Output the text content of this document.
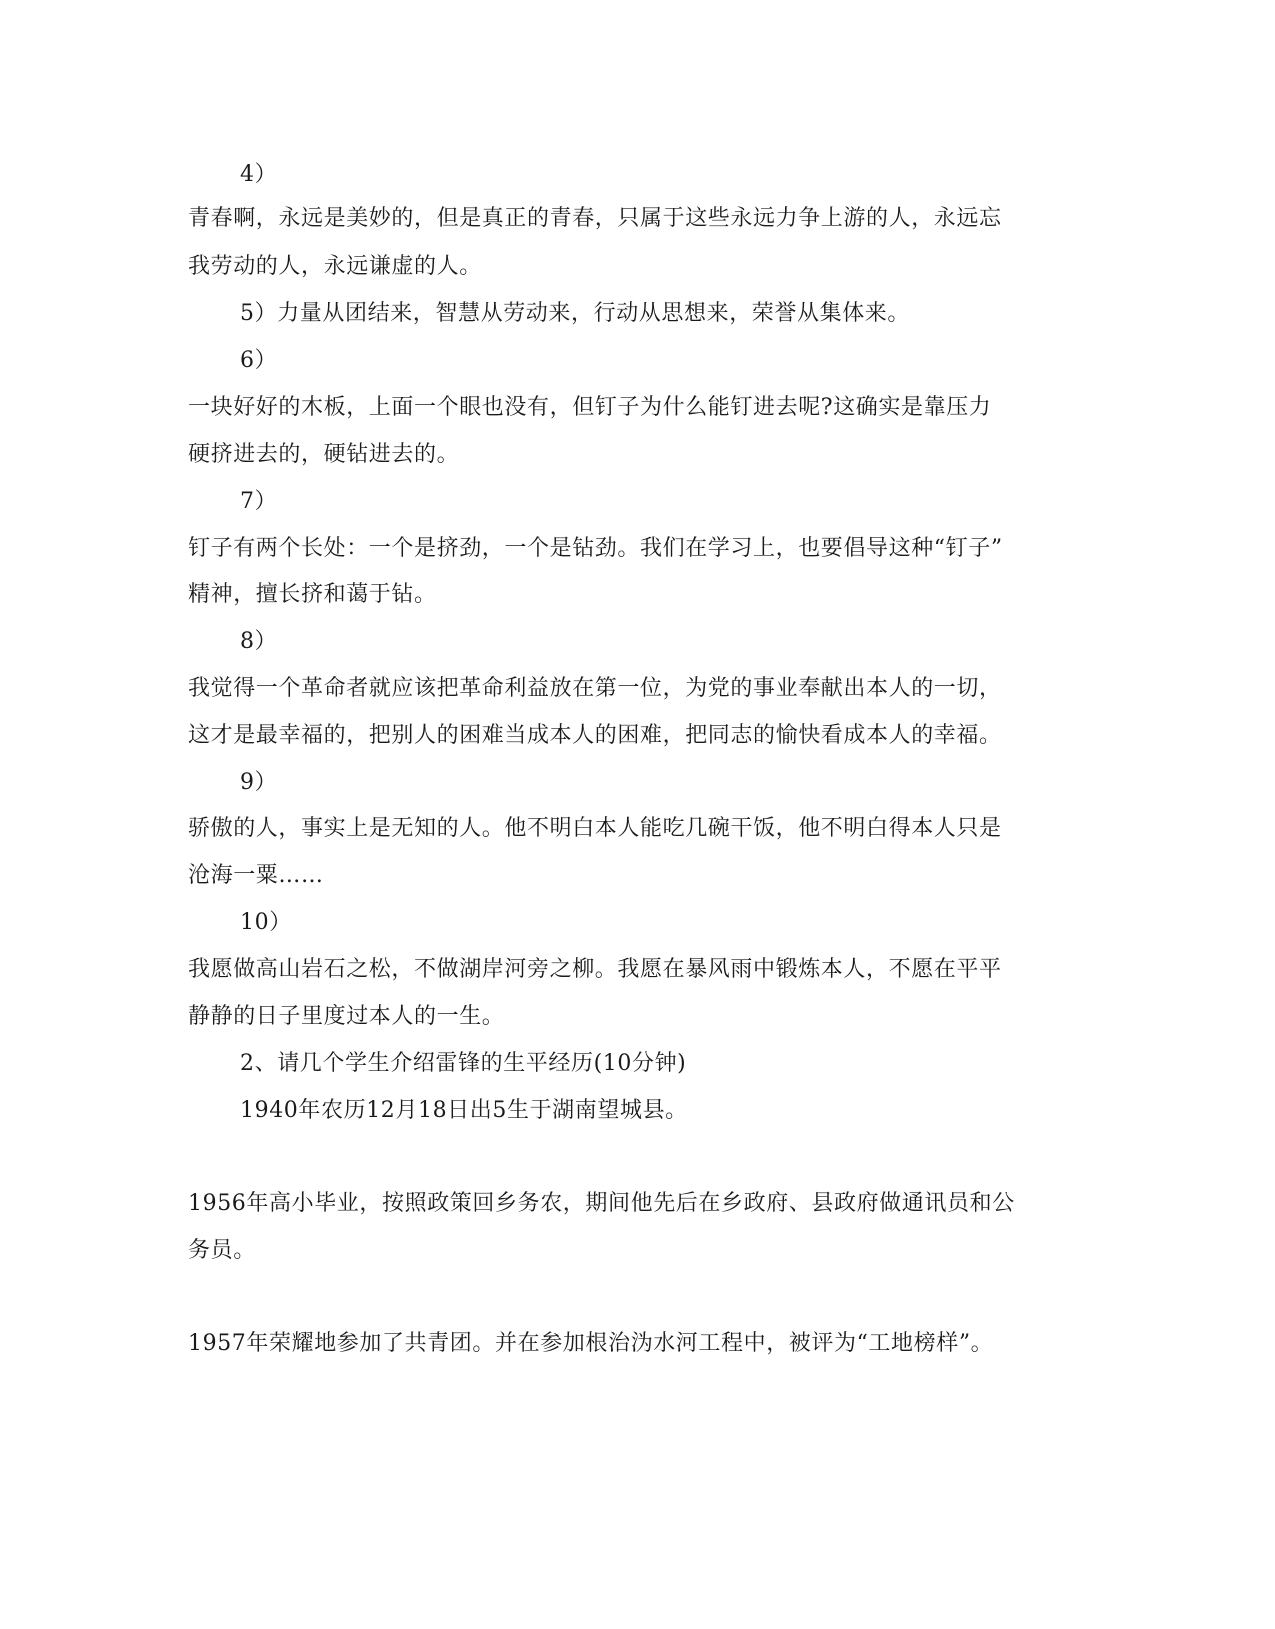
4）
青春啊，永远是美妙的，但是真正的青春，只属于这些永远力争上游的人，永远忘
我劳动的人，永远谦虚的人。
5）力量从团结来，智慧从劳动来，行动从思想来，荣誉从集体来。
6）
一块好好的木板，上面一个眼也没有，但钉子为什么能钉进去呢?这确实是靠压力
硬挤进去的，硬钻进去的。
7）
钉子有两个长处：一个是挤劲，一个是钻劲。我们在学习上，也要倡导这种“钉子”
精神，擅长挤和蔼于钻。
8）
我觉得一个革命者就应该把革命利益放在第一位，为党的事业奉献出本人的一切，
这才是最幸福的，把别人的困难当成本人的困难，把同志的愉快看成本人的幸福。
9）
骄傲的人，事实上是无知的人。他不明白本人能吃几碗干饭，他不明白得本人只是
沧海一粟……
10）
我愿做高山岩石之松，不做湖岸河旁之柳。我愿在暴风雨中锻炼本人，不愿在平平
静静的日子里度过本人的一生。
2、请几个学生介绍雷锋的生平经历(10分钟)
1940年农历12月18日出5生于湖南望城县。
1956年高小毕业，按照政策回乡务农，期间他先后在乡政府、县政府做通讯员和公
务员。
1957年荣耀地参加了共青团。并在参加根治沩水河工程中，被评为“工地榜样”。
